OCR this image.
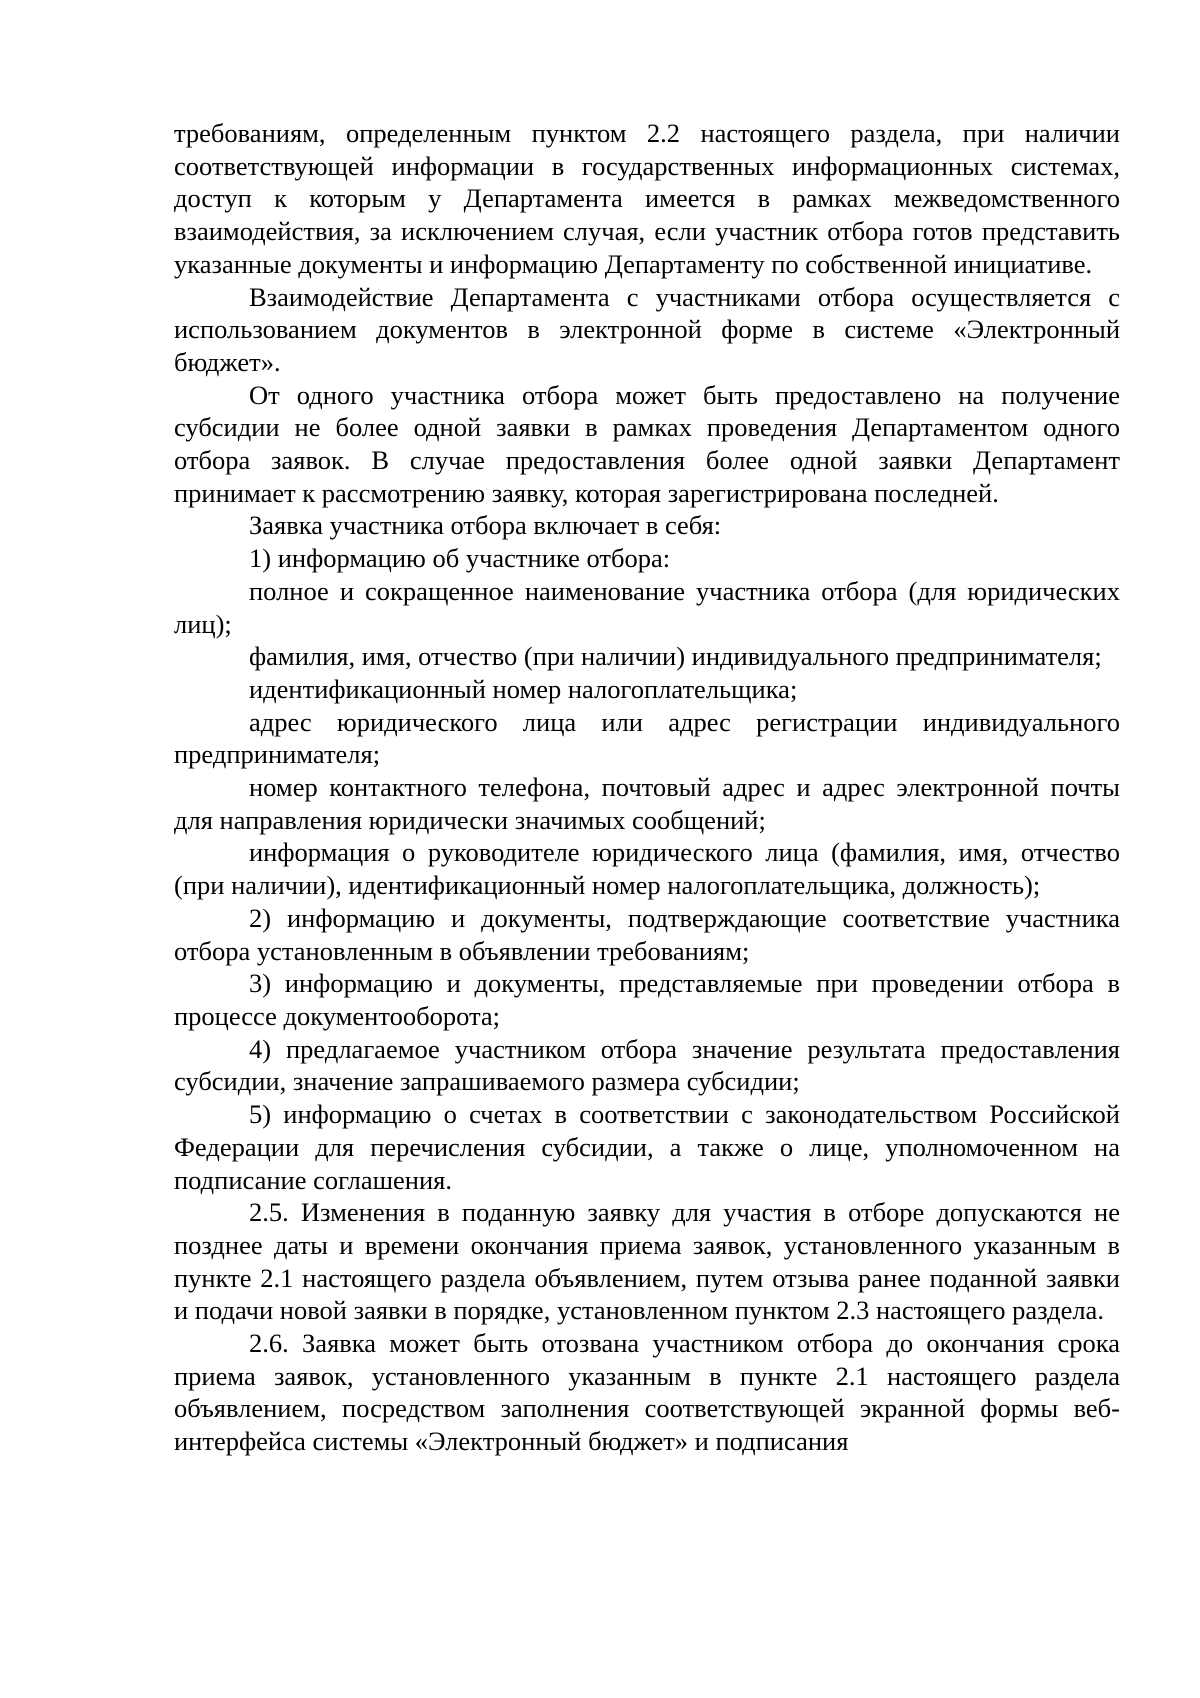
требованиям, определенным пунктом 2.2 настоящего раздела, при наличии соответствующей информации в государственных информационных системах, доступ к которым у Департамента имеется в рамках межведомственного взаимодействия, за исключением случая, если участник отбора готов представить указанные документы и информацию Департаменту по собственной инициативе.

Взаимодействие Департамента с участниками отбора осуществляется с использованием документов в электронной форме в системе «Электронный бюджет».

От одного участника отбора может быть предоставлено на получение субсидии не более одной заявки в рамках проведения Департаментом одного отбора заявок. В случае предоставления более одной заявки Департамент принимает к рассмотрению заявку, которая зарегистрирована последней.

Заявка участника отбора включает в себя:

1) информацию об участнике отбора:

полное и сокращенное наименование участника отбора (для юридических лиц);

фамилия, имя, отчество (при наличии) индивидуального предпринимателя;

идентификационный номер налогоплательщика;

адрес юридического лица или адрес регистрации индивидуального предпринимателя;

номер контактного телефона, почтовый адрес и адрес электронной почты для направления юридически значимых сообщений;

информация о руководителе юридического лица (фамилия, имя, отчество (при наличии), идентификационный номер налогоплательщика, должность);

2) информацию и документы, подтверждающие соответствие участника отбора установленным в объявлении требованиям;

3) информацию и документы, представляемые при проведении отбора в процессе документооборота;

4) предлагаемое участником отбора значение результата предоставления субсидии, значение запрашиваемого размера субсидии;

5) информацию о счетах в соответствии с законодательством Российской Федерации для перечисления субсидии, а также о лице, уполномоченном на подписание соглашения.

2.5. Изменения в поданную заявку для участия в отборе допускаются не позднее даты и времени окончания приема заявок, установленного указанным в пункте 2.1 настоящего раздела объявлением, путем отзыва ранее поданной заявки и подачи новой заявки в порядке, установленном пунктом 2.3 настоящего раздела.

2.6. Заявка может быть отозвана участником отбора до окончания срока приема заявок, установленного указанным в пункте 2.1 настоящего раздела объявлением, посредством заполнения соответствующей экранной формы веб-интерфейса системы «Электронный бюджет» и подписания
